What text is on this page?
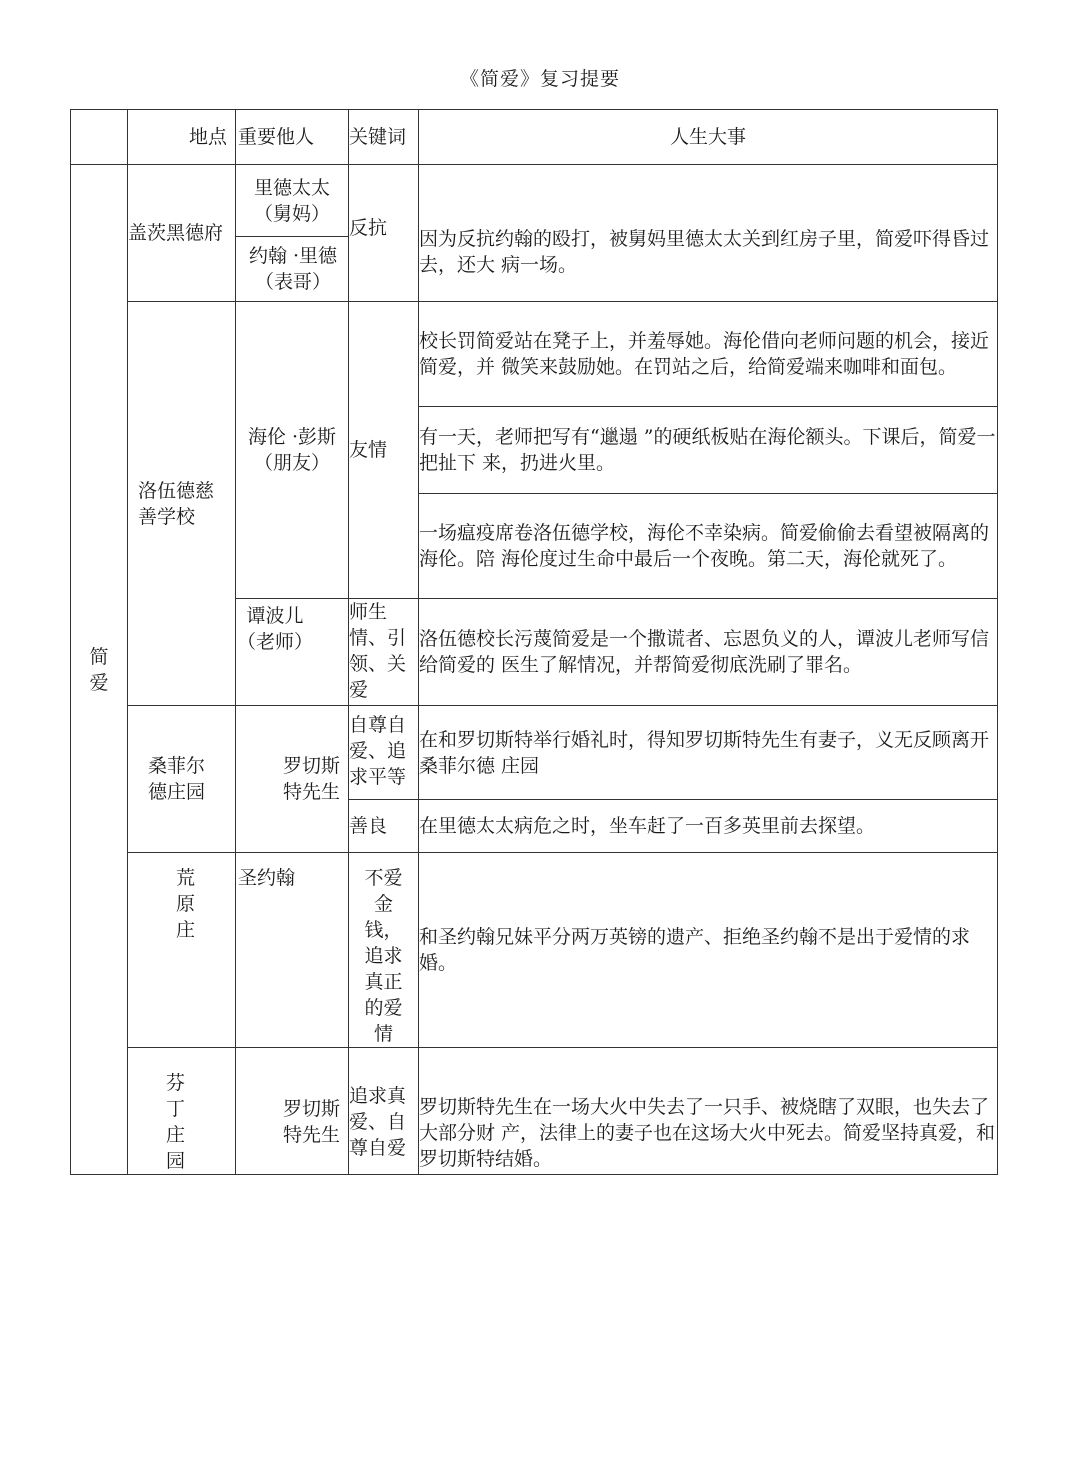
《简爱》复习提要
	地点	重要他人	关键词	人生大事
简爱	盖茨黑德府	里德太太（舅妈）	反抗	因为反抗约翰的殴打，被舅妈里德太太关到红房子里，简爱吓得昏过去，还大 病一场。
		约翰 ·里德（表哥）		
	洛伍德慈善学校	海伦 ·彭斯（朋友）	友情	校长罚简爱站在凳子上，并羞辱她。海伦借向老师问题的机会，接近简爱，并 微笑来鼓励她。在罚站之后，给简爱端来咖啡和面包。
				有一天，老师把写有“邋遢 ”的硬纸板贴在海伦额头。下课后，简爱一把扯下 来，扔进火里。
				一场瘟疫席卷洛伍德学校，海伦不幸染病。简爱偷偷去看望被隔离的海伦。陪 海伦度过生命中最后一个夜晚。第二天，海伦就死了。
		谭波儿（老师）	师生情、引领、关爱	洛伍德校长污蔑简爱是一个撒谎者、忘恩负义的人，谭波儿老师写信给简爱的 医生了解情况，并帮简爱彻底洗刷了罪名。
	桑菲尔德庄园	罗切斯特先生	自尊自爱、追求平等	在和罗切斯特举行婚礼时，得知罗切斯特先生有妻子，义无反顾离开桑菲尔德 庄园
			善良	在里德太太病危之时，坐车赶了一百多英里前去探望。
	荒原庄	圣约翰	不爱金钱，追求真正的爱情	和圣约翰兄妹平分两万英镑的遗产、拒绝圣约翰不是出于爱情的求婚。
	芬丁庄园	罗切斯特先生	追求真爱、自尊自爱	罗切斯特先生在一场大火中失去了一只手、被烧瞎了双眼，也失去了大部分财 产，法律上的妻子也在这场大火中死去。简爱坚持真爱，和罗切斯特结婚。
